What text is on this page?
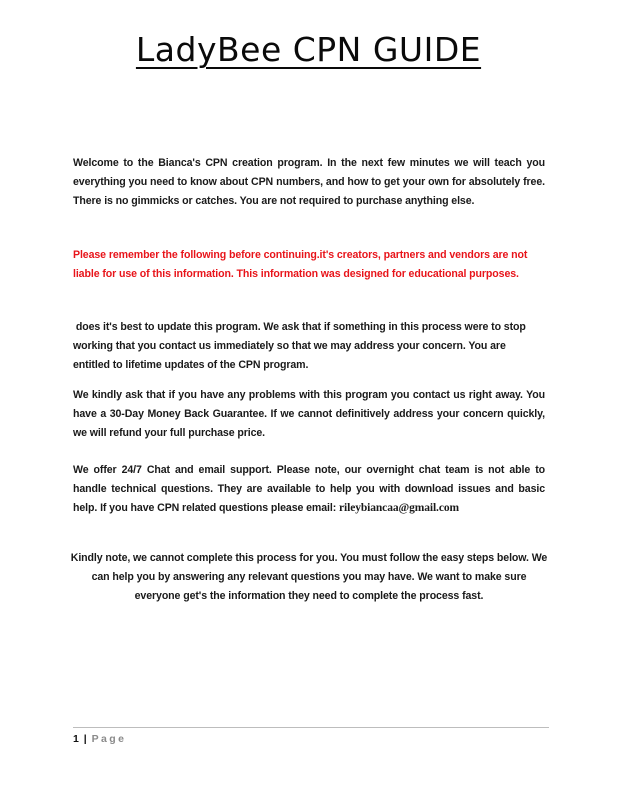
LadyBee CPN GUIDE

Welcome to the Bianca's CPN creation program. In the next few minutes we will teach you everything you need to know about CPN numbers, and how to get your own for absolutely free. There is no gimmicks or catches. You are not required to purchase anything else.

Please remember the following before continuing.it's creators, partners and vendors are not liable for use of this information. This information was designed for educational purposes.

does it's best to update this program. We ask that if something in this process were to stop working that you contact us immediately so that we may address your concern. You are entitled to lifetime updates of the CPN program.

We kindly ask that if you have any problems with this program you contact us right away. You have a 30-Day Money Back Guarantee. If we cannot definitively address your concern quickly, we will refund your full purchase price.

We offer 24/7 Chat and email support. Please note, our overnight chat team is not able to handle technical questions. They are available to help you with download issues and basic help. If you have CPN related questions please email: rileybiancaa@gmail.com

Kindly note, we cannot complete this process for you. You must follow the easy steps below. We can help you by answering any relevant questions you may have. We want to make sure everyone get's the information they need to complete the process fast.

1 | Page
